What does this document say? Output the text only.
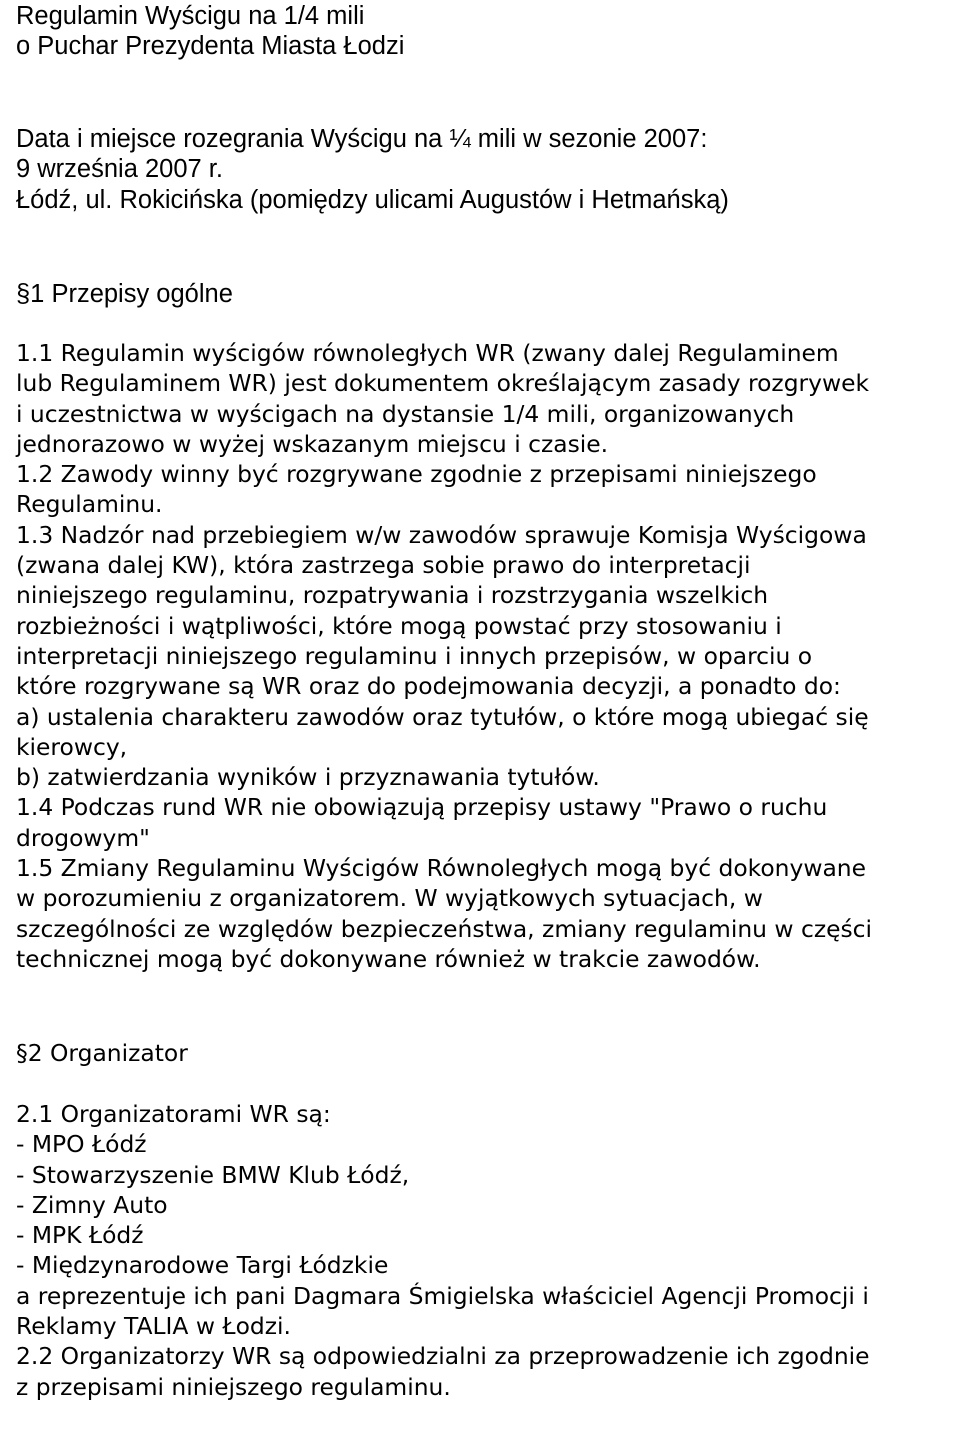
Regulamin Wyścigu na 1/4 mili
o Puchar Prezydenta Miasta Łodzi
Data i miejsce rozegrania Wyścigu na ¼ mili w sezonie 2007:
9 września 2007 r.
Łódź, ul. Rokicińska (pomiędzy ulicami Augustów i Hetmańską)
§1 Przepisy ogólne
1.1 Regulamin wyścigów równoległych WR (zwany dalej Regulaminem
lub Regulaminem WR) jest dokumentem określającym zasady rozgrywek
i uczestnictwa w wyścigach na dystansie 1/4 mili, organizowanych
jednorazowo w wyżej wskazanym miejscu i czasie.
1.2 Zawody winny być rozgrywane zgodnie z przepisami niniejszego
Regulaminu.
1.3 Nadzór nad przebiegiem w/w zawodów sprawuje Komisja Wyścigowa
(zwana dalej KW), która zastrzega sobie prawo do interpretacji
niniejszego regulaminu, rozpatrywania i rozstrzygania wszelkich
rozbieżności i wątpliwości, które mogą powstać przy stosowaniu i
interpretacji niniejszego regulaminu i innych przepisów, w oparciu o
które rozgrywane są WR oraz do podejmowania decyzji, a ponadto do:
a) ustalenia charakteru zawodów oraz tytułów, o które mogą ubiegać się
kierowcy,
b) zatwierdzania wyników i przyznawania tytułów.
1.4 Podczas rund WR nie obowiązują przepisy ustawy "Prawo o ruchu
drogowym"
1.5 Zmiany Regulaminu Wyścigów Równoległych mogą być dokonywane
w porozumieniu z organizatorem. W wyjątkowych sytuacjach, w
szczególności ze względów bezpieczeństwa, zmiany regulaminu w części
technicznej mogą być dokonywane również w trakcie zawodów.
§2 Organizator
2.1 Organizatorami WR są:
- MPO Łódź
- Stowarzyszenie BMW Klub Łódź,
- Zimny Auto
- MPK Łódź
- Międzynarodowe Targi Łódzkie
a reprezentuje ich pani Dagmara Śmigielska właściciel Agencji Promocji i
Reklamy TALIA w Łodzi.
2.2 Organizatorzy WR są odpowiedzialni za przeprowadzenie ich zgodnie
z przepisami niniejszego regulaminu.
